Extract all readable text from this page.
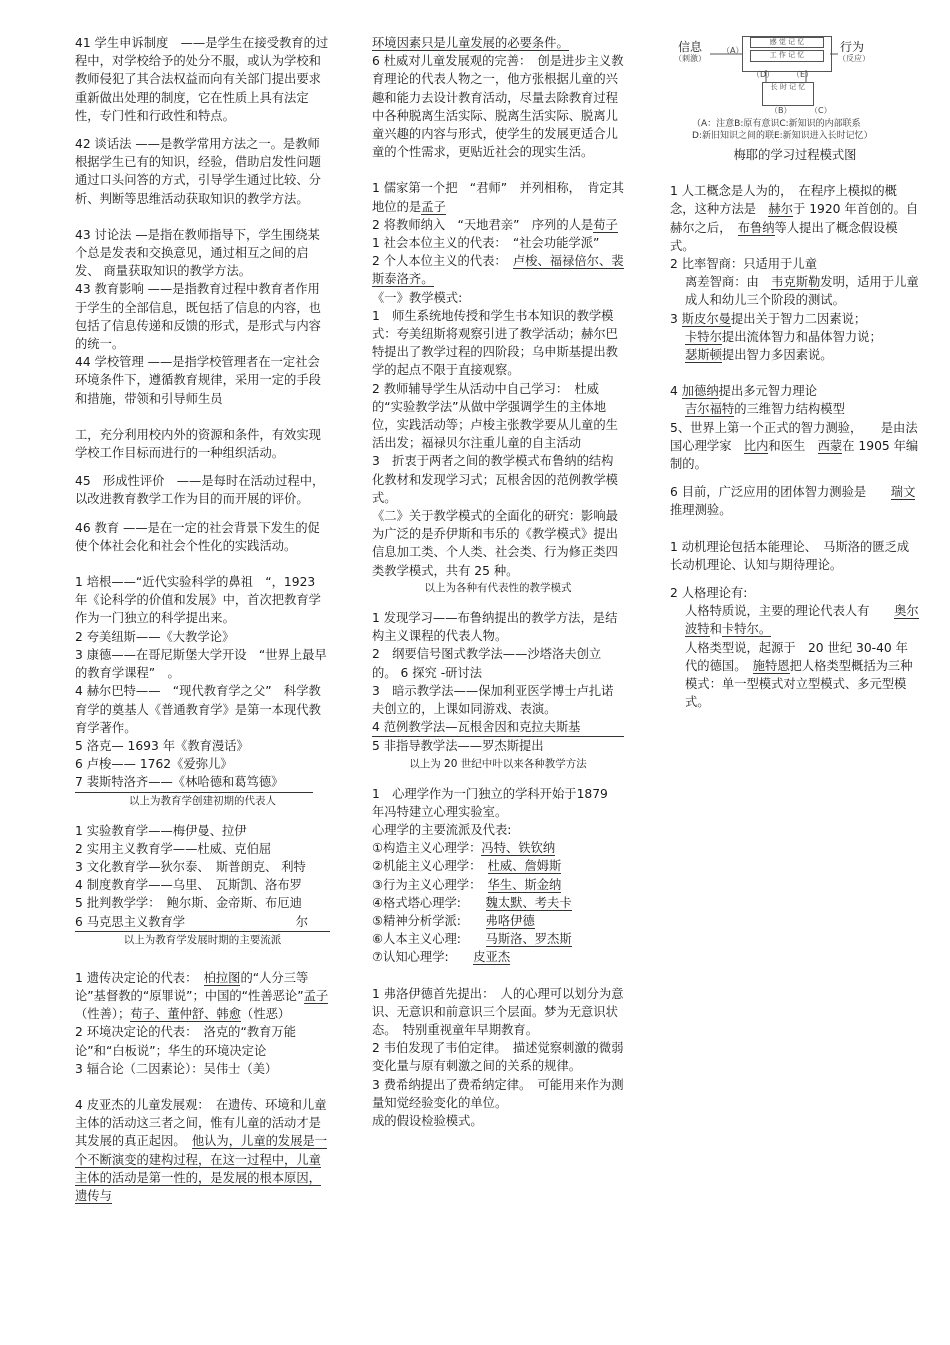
41 学生申诉制度　——是学生在接受教育的过程中，对学校给予的处分不服，或认为学校和教师侵犯了其合法权益而向有关部门提出要求重新做出处理的制度，它在性质上具有法定性，专门性和行政性和特点。

42 谈话法 ——是教学常用方法之一。是教师根据学生已有的知识，经验，借助启发性问题通过口头问答的方式，引导学生通过比较、分析、判断等思维活动获取知识的教学方法。

43 讨论法 —是指在教师指导下，学生围绕某个总是发表和交换意见，通过相互之间的启发、 商量获取知识的教学方法。

43 教育影响 ——是指教育过程中教育者作用于学生的全部信息，既包括了信息的内容，也包括了信息传递和反馈的形式，是形式与内容的统一。

44 学校管理 ——是指学校管理者在一定社会环境条件下，遵循教育规律，采用一定的手段和措施，带领和引导师生员

工，充分利用校内外的资源和条件，有效实现学校工作目标而进行的一种组织活动。

45　形成性评价　——是每时在活动过程中，以改进教育教学工作为目的而开展的评价。

46 教育 ——是在一定的社会背景下发生的促使个体社会化和社会个性化的实践活动。

1 培根——“近代实验科学的鼻祖　“，1923 年《论科学的价值和发展》中，首次把教育学作为一门独立的科学提出来。

2 夸美纽斯——《大教学论》

3 康德——在哥尼斯堡大学开设　“世界上最早的教育学课程”　。

4 赫尔巴特——　“现代教育学之父”　科学教育学的奠基人《普通教育学》是第一本现代教育学著作。

5 洛克— 1693 年《教育漫话》

6 卢梭—— 1762《爱弥儿》

7 裴斯特洛齐——《林哈德和葛笃德》

以上为教育学创建初期的代表人

1 实验教育学——梅伊曼、拉伊

2 实用主义教育学——杜威、克伯屈

3 文化教育学—狄尔泰、　斯普朗克、 利特

4 制度教育学——乌里、　瓦斯凯、洛布罗

5 批判教学学：　鲍尔斯、金帝斯、布厄迪

6 马克思主义教育学　　　　　　　　　尔

以上为教育学发展时期的主要流派

1 遗传决定论的代表：　柏拉图的“人分三等论”基督教的“原罪说”；中国的“性善恶论”孟子（性善）；荀子、董仲舒、韩愈（性恶）

2 环境决定论的代表：　洛克的“教育万能论”和“白板说”；华生的环境决定论

3 辐合论（二因素论）：吴伟士（美）

4 皮亚杰的儿童发展观：　在遗传、环境和儿童主体的活动这三者之间，惟有儿童的活动才是其发展的真正起因。　他认为，儿童的发展是一个不断演变的建构过程，在这一过程中，儿童主体的活动是第一性的，是发展的根本原因，遗传与

环境因素只是儿童发展的必要条件。

6 杜威对儿童发展观的完善：　创是进步主义教育理论的代表人物之一，他方张根据儿童的兴趣和能力去设计教育活动，尽量去除教育过程中各种脱离生活实际、脱离生活实际、脱离儿童兴趣的内容与形式，使学生的发展更适合儿童的个性需求，更贴近社会的现实生活。

1 儒家第一个把　“君师”　并列相称，　肯定其地位的是孟子

2 将教师纳入　“天地君亲”　序列的人是荀子

1 社会本位主义的代表：　“社会功能学派”

2 个人本位主义的代表：　卢梭、福禄倍尔、裴斯泰洛齐。

《一》教学模式:

1　师生系统地传授和学生书本知识的教学模式：夸美纽斯将观察引进了教学活动；赫尔巴特提出了教学过程的四阶段；乌申斯基提出教学的起点不限于直接观察。

2 教师辅导学生从活动中自己学习：　杜威的“实验教学法”从做中学强调学生的主体地位，实践活动等；卢梭主张教学要从儿童的生活出发；福禄贝尔注重儿童的自主活动

3　折衷于两者之间的教学模式布鲁纳的结构化教材和发现学习式；瓦根舍因的范例教学模式。

《二》关于教学模式的全面化的研究：影响最为广泛的是乔伊斯和韦乐的《教学模式》提出信息加工类、个人类、社会类、行为修正类四类教学模式，共有 25 种。

以上为各种有代表性的教学模式

1 发现学习——布鲁纳提出的教学方法，是结构主义课程的代表人物。

2　纲要信号图式教学法——沙塔洛夫创立的。 6 探究 -研讨法

3　暗示教学法——保加利亚医学博士卢扎诺夫创立的，上课如同游戏、表演。

4 范例教学法—瓦根舍因和克拉夫斯基

5 非指导教学法——罗杰斯提出

以上为 20 世纪中叶以来各种教学方法

1　心理学作为一门独立的学科开始于1879 年冯特建立心理实验室。

心理学的主要流派及代表:

①构造主义心理学：冯特、铁钦纳

②机能主义心理学：　杜威、詹姆斯

③行为主义心理学：　华生、斯金纳

④格式塔心理学:　　魏太默、考夫卡

⑤精神分析学派:　　弗咯伊德

⑥人本主义心理:　　马斯洛、罗杰斯

⑦认知心理学:　　皮亚杰

1 弗洛伊德首先提出：　人的心理可以划分为意识、无意识和前意识三个层面。梦为无意识状态。　特别重视童年早期教育。

2 韦伯发现了韦伯定律。　描述觉察刺激的微弱变化量与原有刺激之间的关系的规律。

3 费希纳提出了费希纳定律。　可能用来作为测量知觉经验变化的单位。

成的假设检验模式。

信息
（刺激）
行为
（反应）
感 觉 记 忆
工 作 记 忆
长 时 记 忆
（A）
（D） （E）
（B） （C）
（A：注意B:原有意识C:新知识的内部联系
D:新旧知识之间的联E:新知识进入长时记忆）

梅耶的学习过程模式图

1 人工概念是人为的，　在程序上模拟的概念，这种方法是　赫尔于 1920 年首创的。自赫尔之后，　布鲁纳等人提出了概念假设模式。

2 比率智商：只适用于儿童

离差智商：由　韦克斯勒发明，适用于儿童成人和幼儿三个阶段的测试。

3 斯皮尔曼提出关于智力二因素说；

卡特尔提出流体智力和晶体智力说；

瑟斯顿提出智力多因素说。

4 加德纳提出多元智力理论

吉尔福特的三维智力结构模型

5、世界上第一个正式的智力测验，　　是由法国心理学家　比内和医生　西蒙在 1905 年编制的。

6 目前，广泛应用的团体智力测验是　　瑞文推理测验。

1 动机理论包括本能理论、　马斯洛的匮乏成长动机理论、认知与期待理论。

2 人格理论有:

人格特质说，主要的理论代表人有　　奥尔波特和卡特尔。

人格类型说，起源于　20 世纪 30-40 年代的德国。　施特恩把人格类型概括为三种模式：单一型模式对立型模式、多元型模式。
